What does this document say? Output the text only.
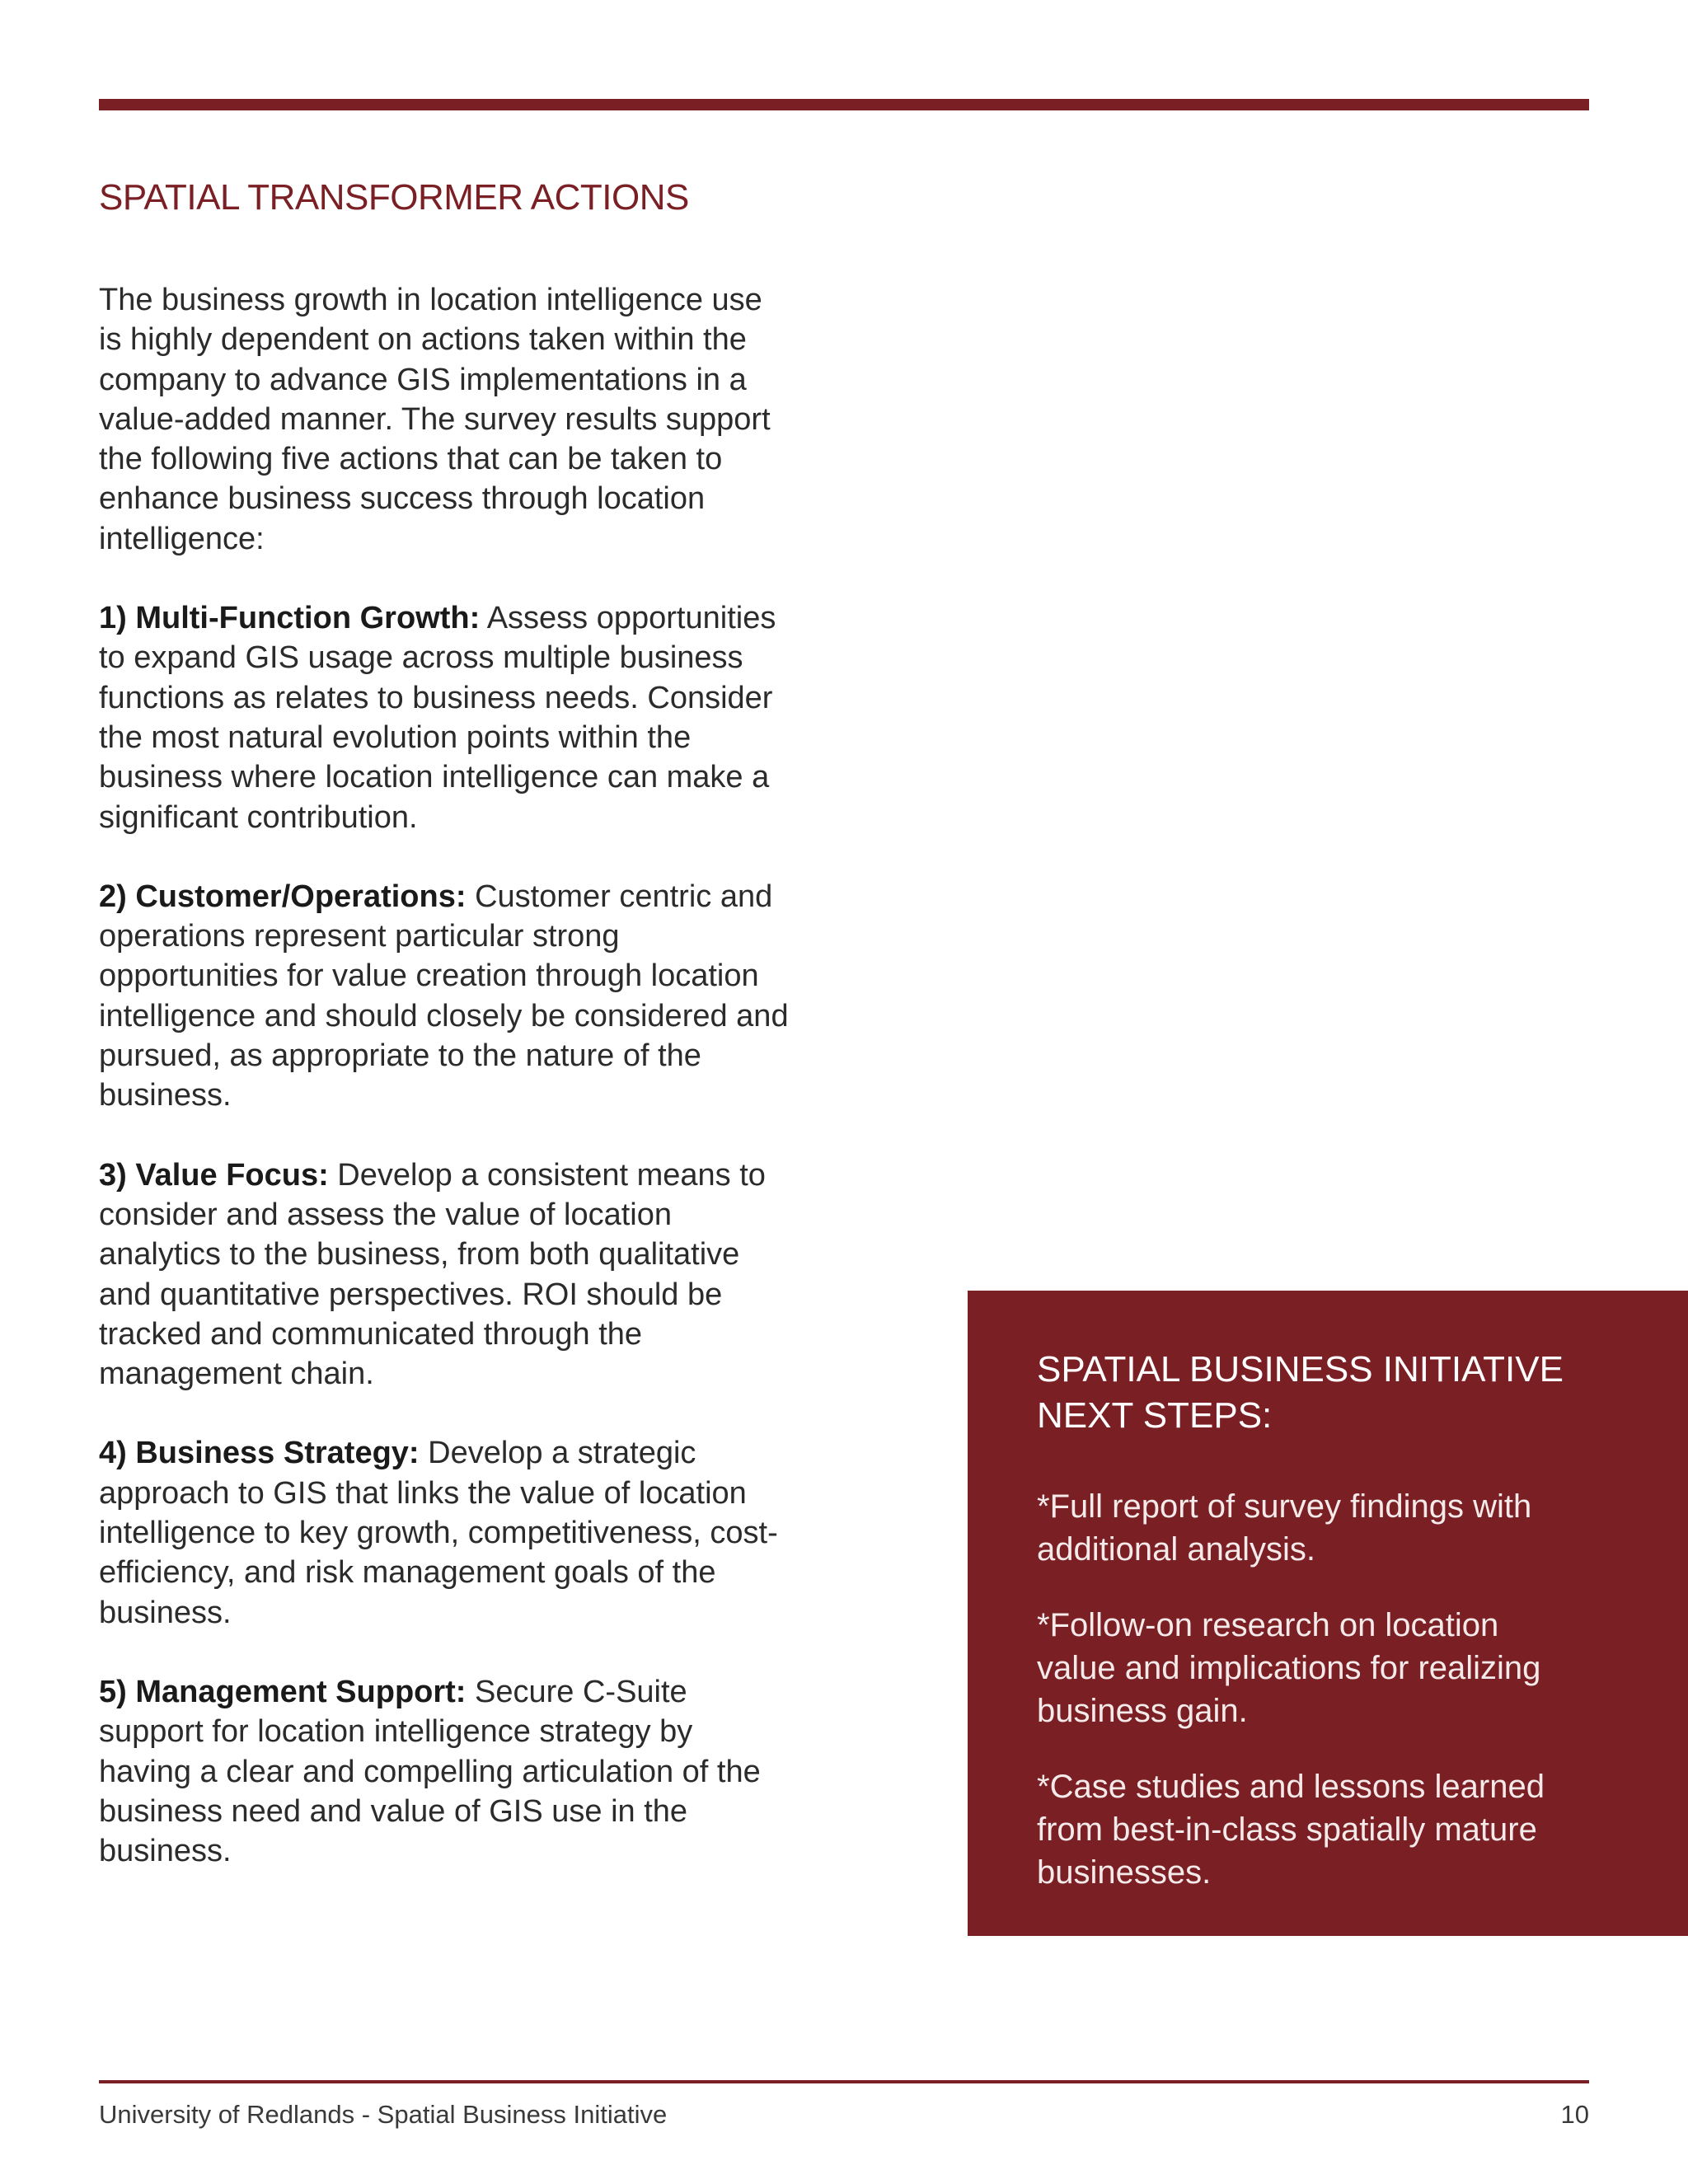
SPATIAL TRANSFORMER ACTIONS

The business growth in location intelligence use is highly dependent on actions taken within the company to advance GIS implementations in a value-added manner. The survey results support the following five actions that can be taken to enhance business success through location intelligence:

1) Multi-Function Growth: Assess opportunities to expand GIS usage across multiple business functions as relates to business needs. Consider the most natural evolution points within the business where location intelligence can make a significant contribution.

2) Customer/Operations: Customer centric and operations represent particular strong opportunities for value creation through location intelligence and should closely be considered and pursued, as appropriate to the nature of the business.

3) Value Focus: Develop a consistent means to consider and assess the value of location analytics to the business, from both qualitative and quantitative perspectives. ROI should be tracked and communicated through the management chain.

4) Business Strategy: Develop a strategic approach to GIS that links the value of location intelligence to key growth, competitiveness, cost-efficiency, and risk management goals of the business.

5) Management Support: Secure C-Suite support for location intelligence strategy by having a clear and compelling articulation of the business need and value of GIS use in the business.

SPATIAL BUSINESS INITIATIVE NEXT STEPS:
*Full report of survey findings with additional analysis.
*Follow-on research on location value and implications for realizing business gain.
*Case studies and lessons learned from best-in-class spatially mature businesses.
University of Redlands - Spatial Business Initiative	10
